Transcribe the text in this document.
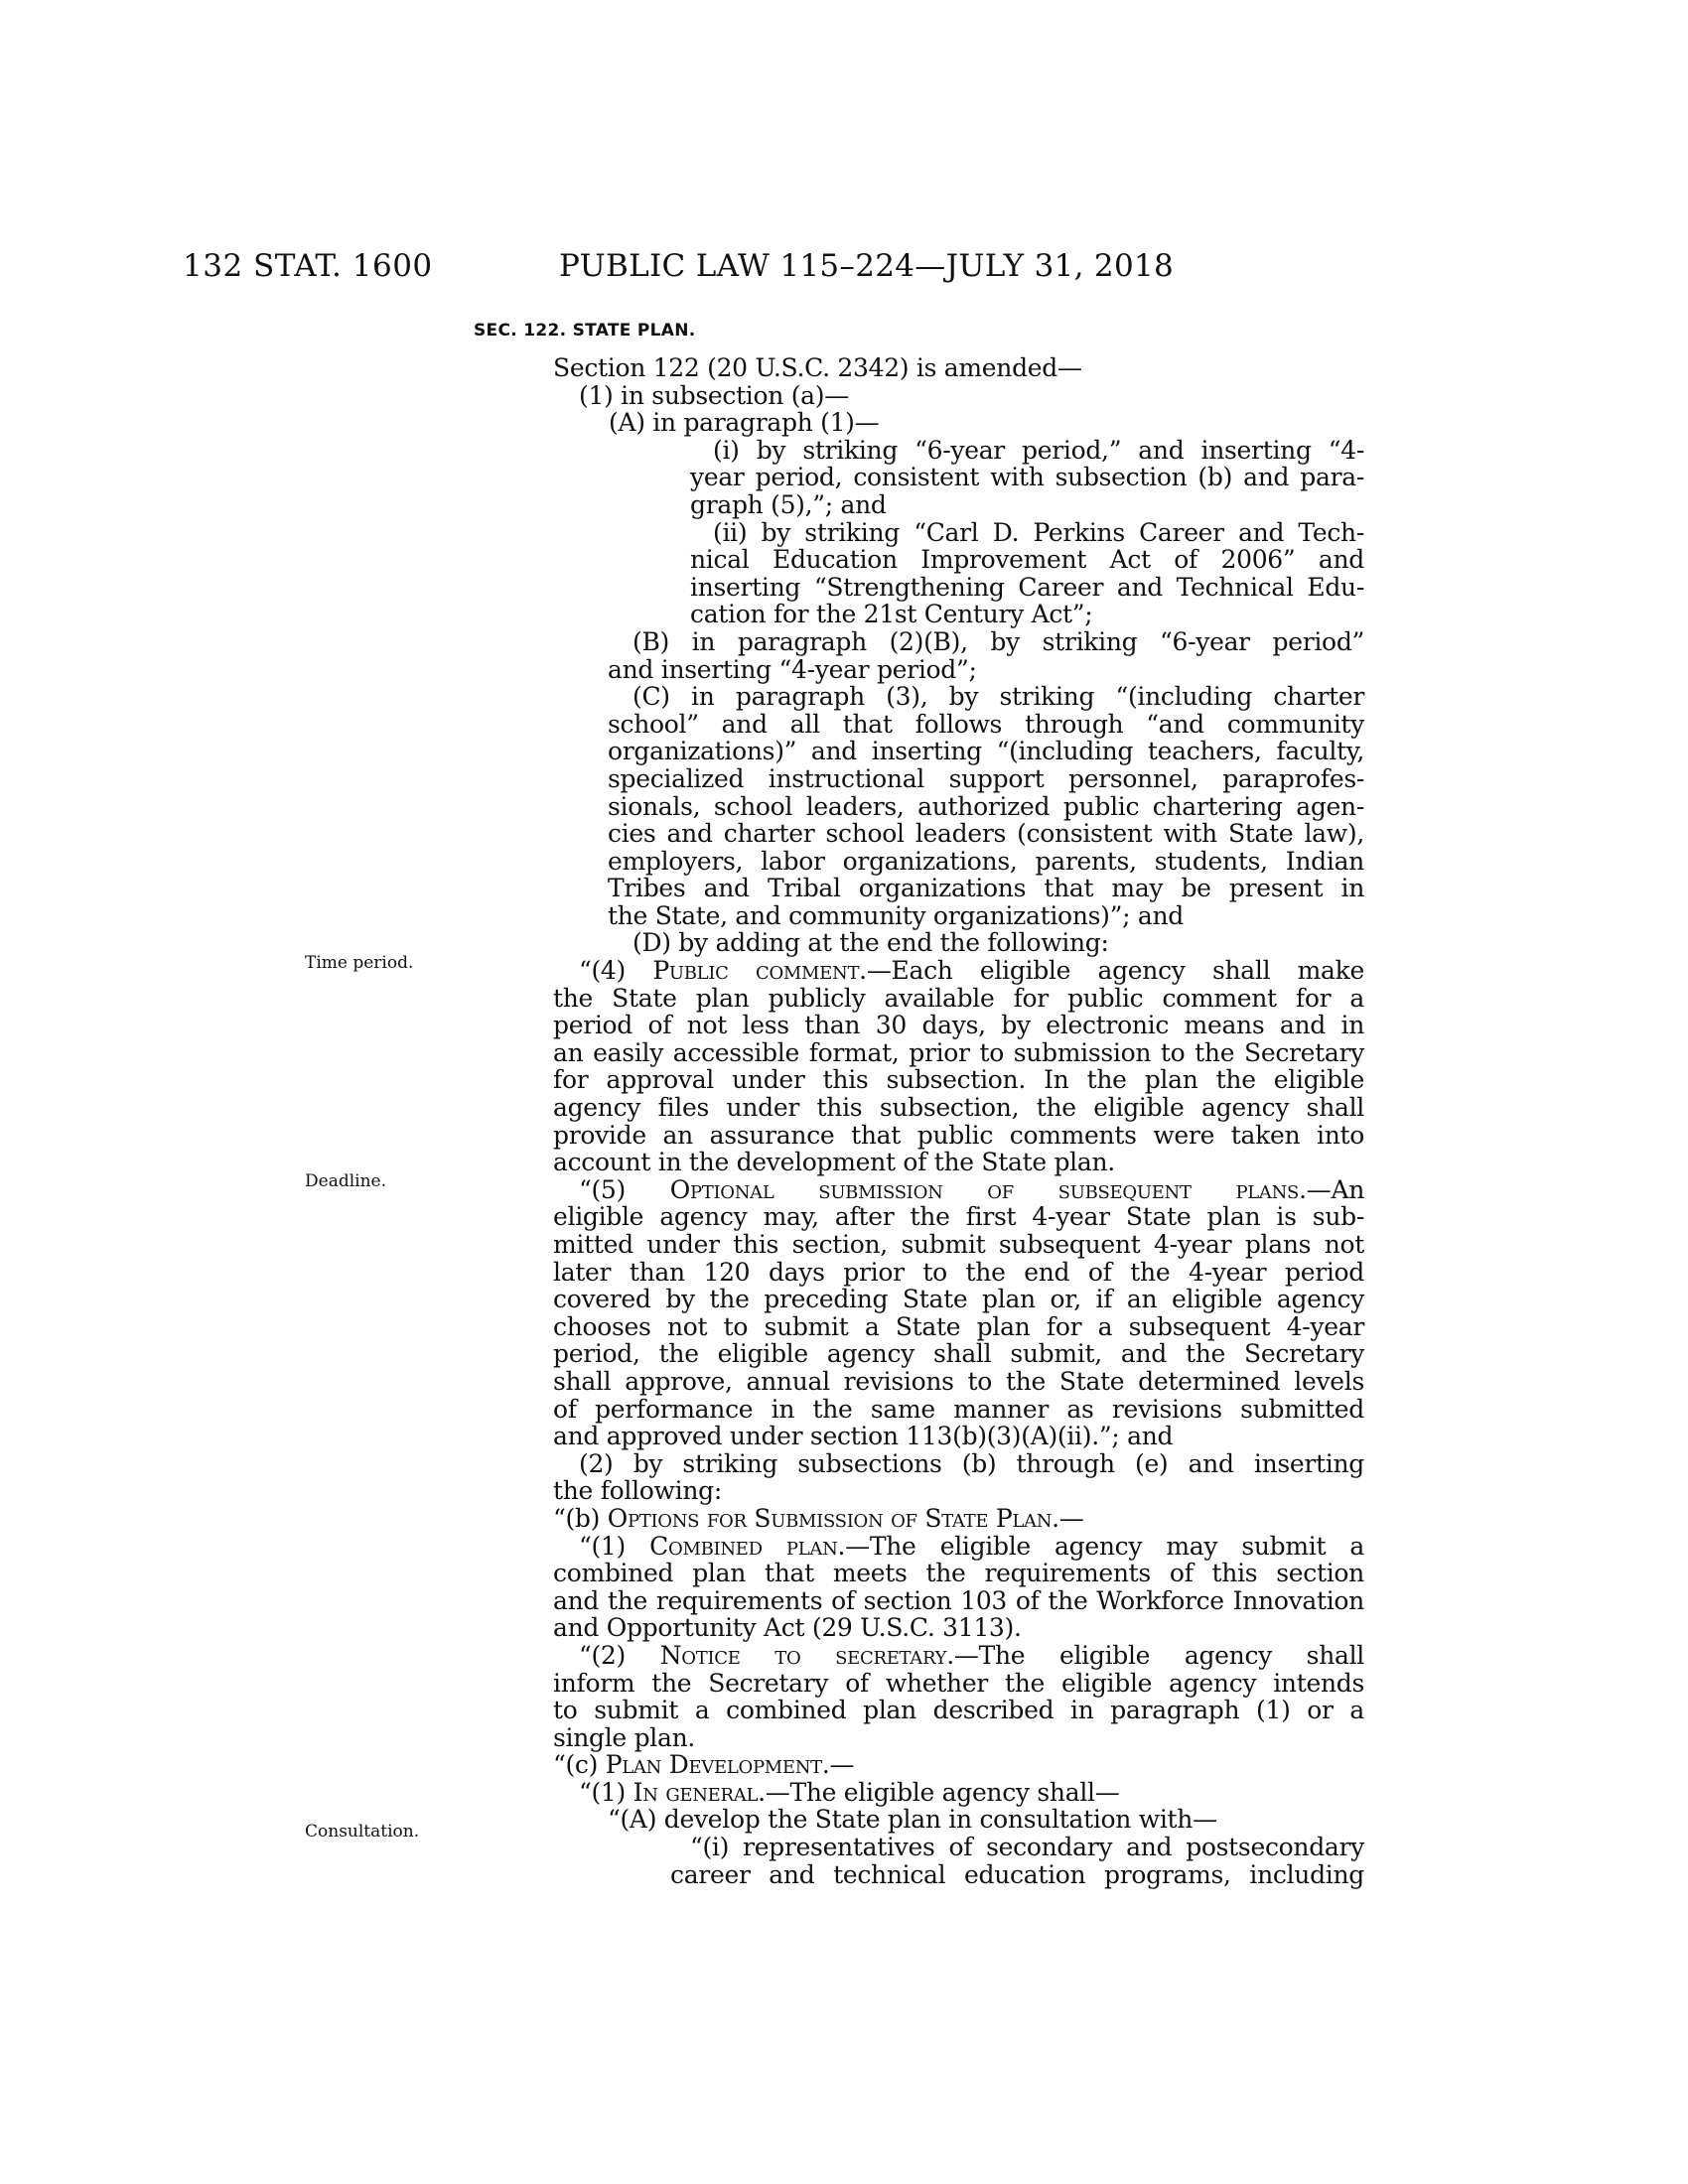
132 STAT. 1600	PUBLIC LAW 115–224—JULY 31, 2018
SEC. 122. STATE PLAN.
Time period.
Deadline.
Consultation.
Section 122 (20 U.S.C. 2342) is amended—
(1) in subsection (a)—
(A) in paragraph (1)—
(i) by striking “6-year period,” and inserting “4-
year period, consistent with subsection (b) and para-
graph (5),”; and
(ii) by striking “Carl D. Perkins Career and Tech-
nical Education Improvement Act of 2006” and
inserting “Strengthening Career and Technical Edu-
cation for the 21st Century Act”;
(B) in paragraph (2)(B), by striking “6-year period”
and inserting “4-year period”;
(C) in paragraph (3), by striking “(including charter
school” and all that follows through “and community
organizations)” and inserting “(including teachers, faculty,
specialized instructional support personnel, paraprofes-
sionals, school leaders, authorized public chartering agen-
cies and charter school leaders (consistent with State law),
employers, labor organizations, parents, students, Indian
Tribes and Tribal organizations that may be present in
the State, and community organizations)”; and
(D) by adding at the end the following:
“(4) Public comment.—Each eligible agency shall make
the State plan publicly available for public comment for a
period of not less than 30 days, by electronic means and in
an easily accessible format, prior to submission to the Secretary
for approval under this subsection. In the plan the eligible
agency files under this subsection, the eligible agency shall
provide an assurance that public comments were taken into
account in the development of the State plan.
“(5) Optional submission of subsequent plans.—An
eligible agency may, after the first 4-year State plan is sub-
mitted under this section, submit subsequent 4-year plans not
later than 120 days prior to the end of the 4-year period
covered by the preceding State plan or, if an eligible agency
chooses not to submit a State plan for a subsequent 4-year
period, the eligible agency shall submit, and the Secretary
shall approve, annual revisions to the State determined levels
of performance in the same manner as revisions submitted
and approved under section 113(b)(3)(A)(ii).”; and
(2) by striking subsections (b) through (e) and inserting
the following:
“(b) Options for Submission of State Plan.—
“(1) Combined plan.—The eligible agency may submit a
combined plan that meets the requirements of this section
and the requirements of section 103 of the Workforce Innovation
and Opportunity Act (29 U.S.C. 3113).
“(2) Notice to secretary.—The eligible agency shall
inform the Secretary of whether the eligible agency intends
to submit a combined plan described in paragraph (1) or a
single plan.
“(c) Plan Development.—
“(1) In general.—The eligible agency shall—
“(A) develop the State plan in consultation with—
“(i) representatives of secondary and postsecondary
career and technical education programs, including
